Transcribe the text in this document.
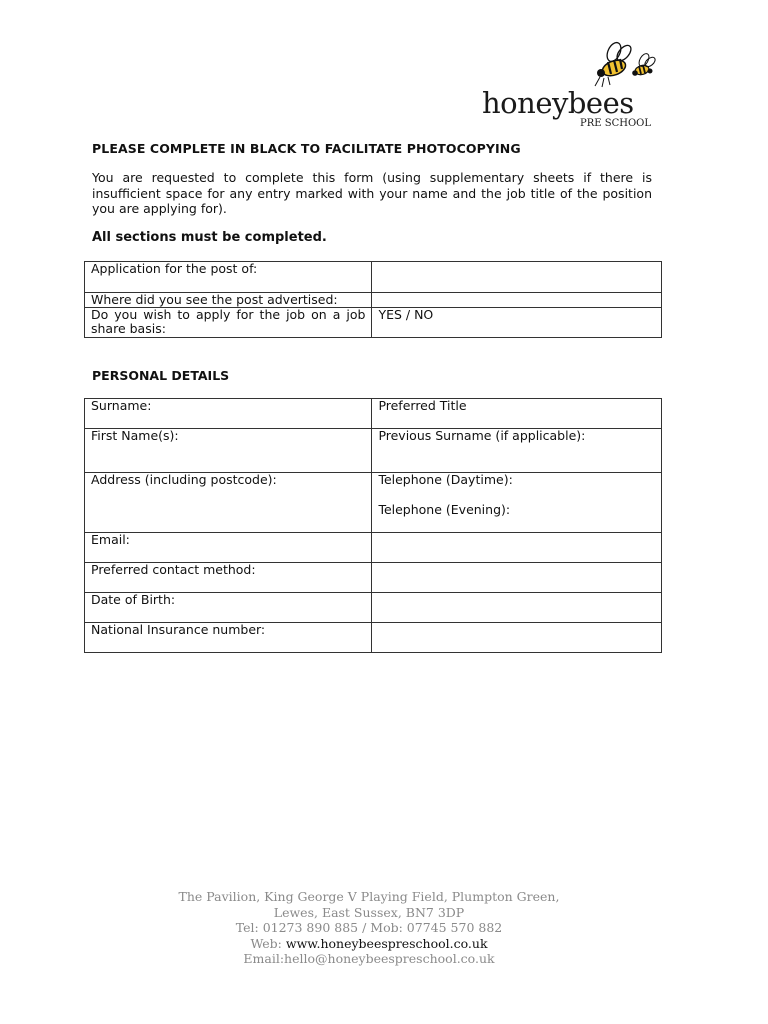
honeybees
PRE SCHOOL
PLEASE COMPLETE IN BLACK TO FACILITATE PHOTOCOPYING
You are requested to complete this form (using supplementary sheets if there is insufficient space for any entry marked with your name and the job title of the position you are applying for).
All sections must be completed.
Application for the post of:	
Where did you see the post advertised:	
Do you wish to apply for the job on a job share basis:	YES / NO
PERSONAL DETAILS
Surname:	Preferred Title
First Name(s):	Previous Surname (if applicable):
Address (including postcode):	Telephone (Daytime):
Telephone (Evening):

Email:	
Preferred contact method:	
Date of Birth:	
National Insurance number:	
The Pavilion, King George V Playing Field, Plumpton Green,
Lewes, East Sussex, BN7 3DP
Tel: 01273 890 885 / Mob: 07745 570 882
Web: www.honeybeespreschool.co.uk
Email:hello@honeybeespreschool.co.uk
